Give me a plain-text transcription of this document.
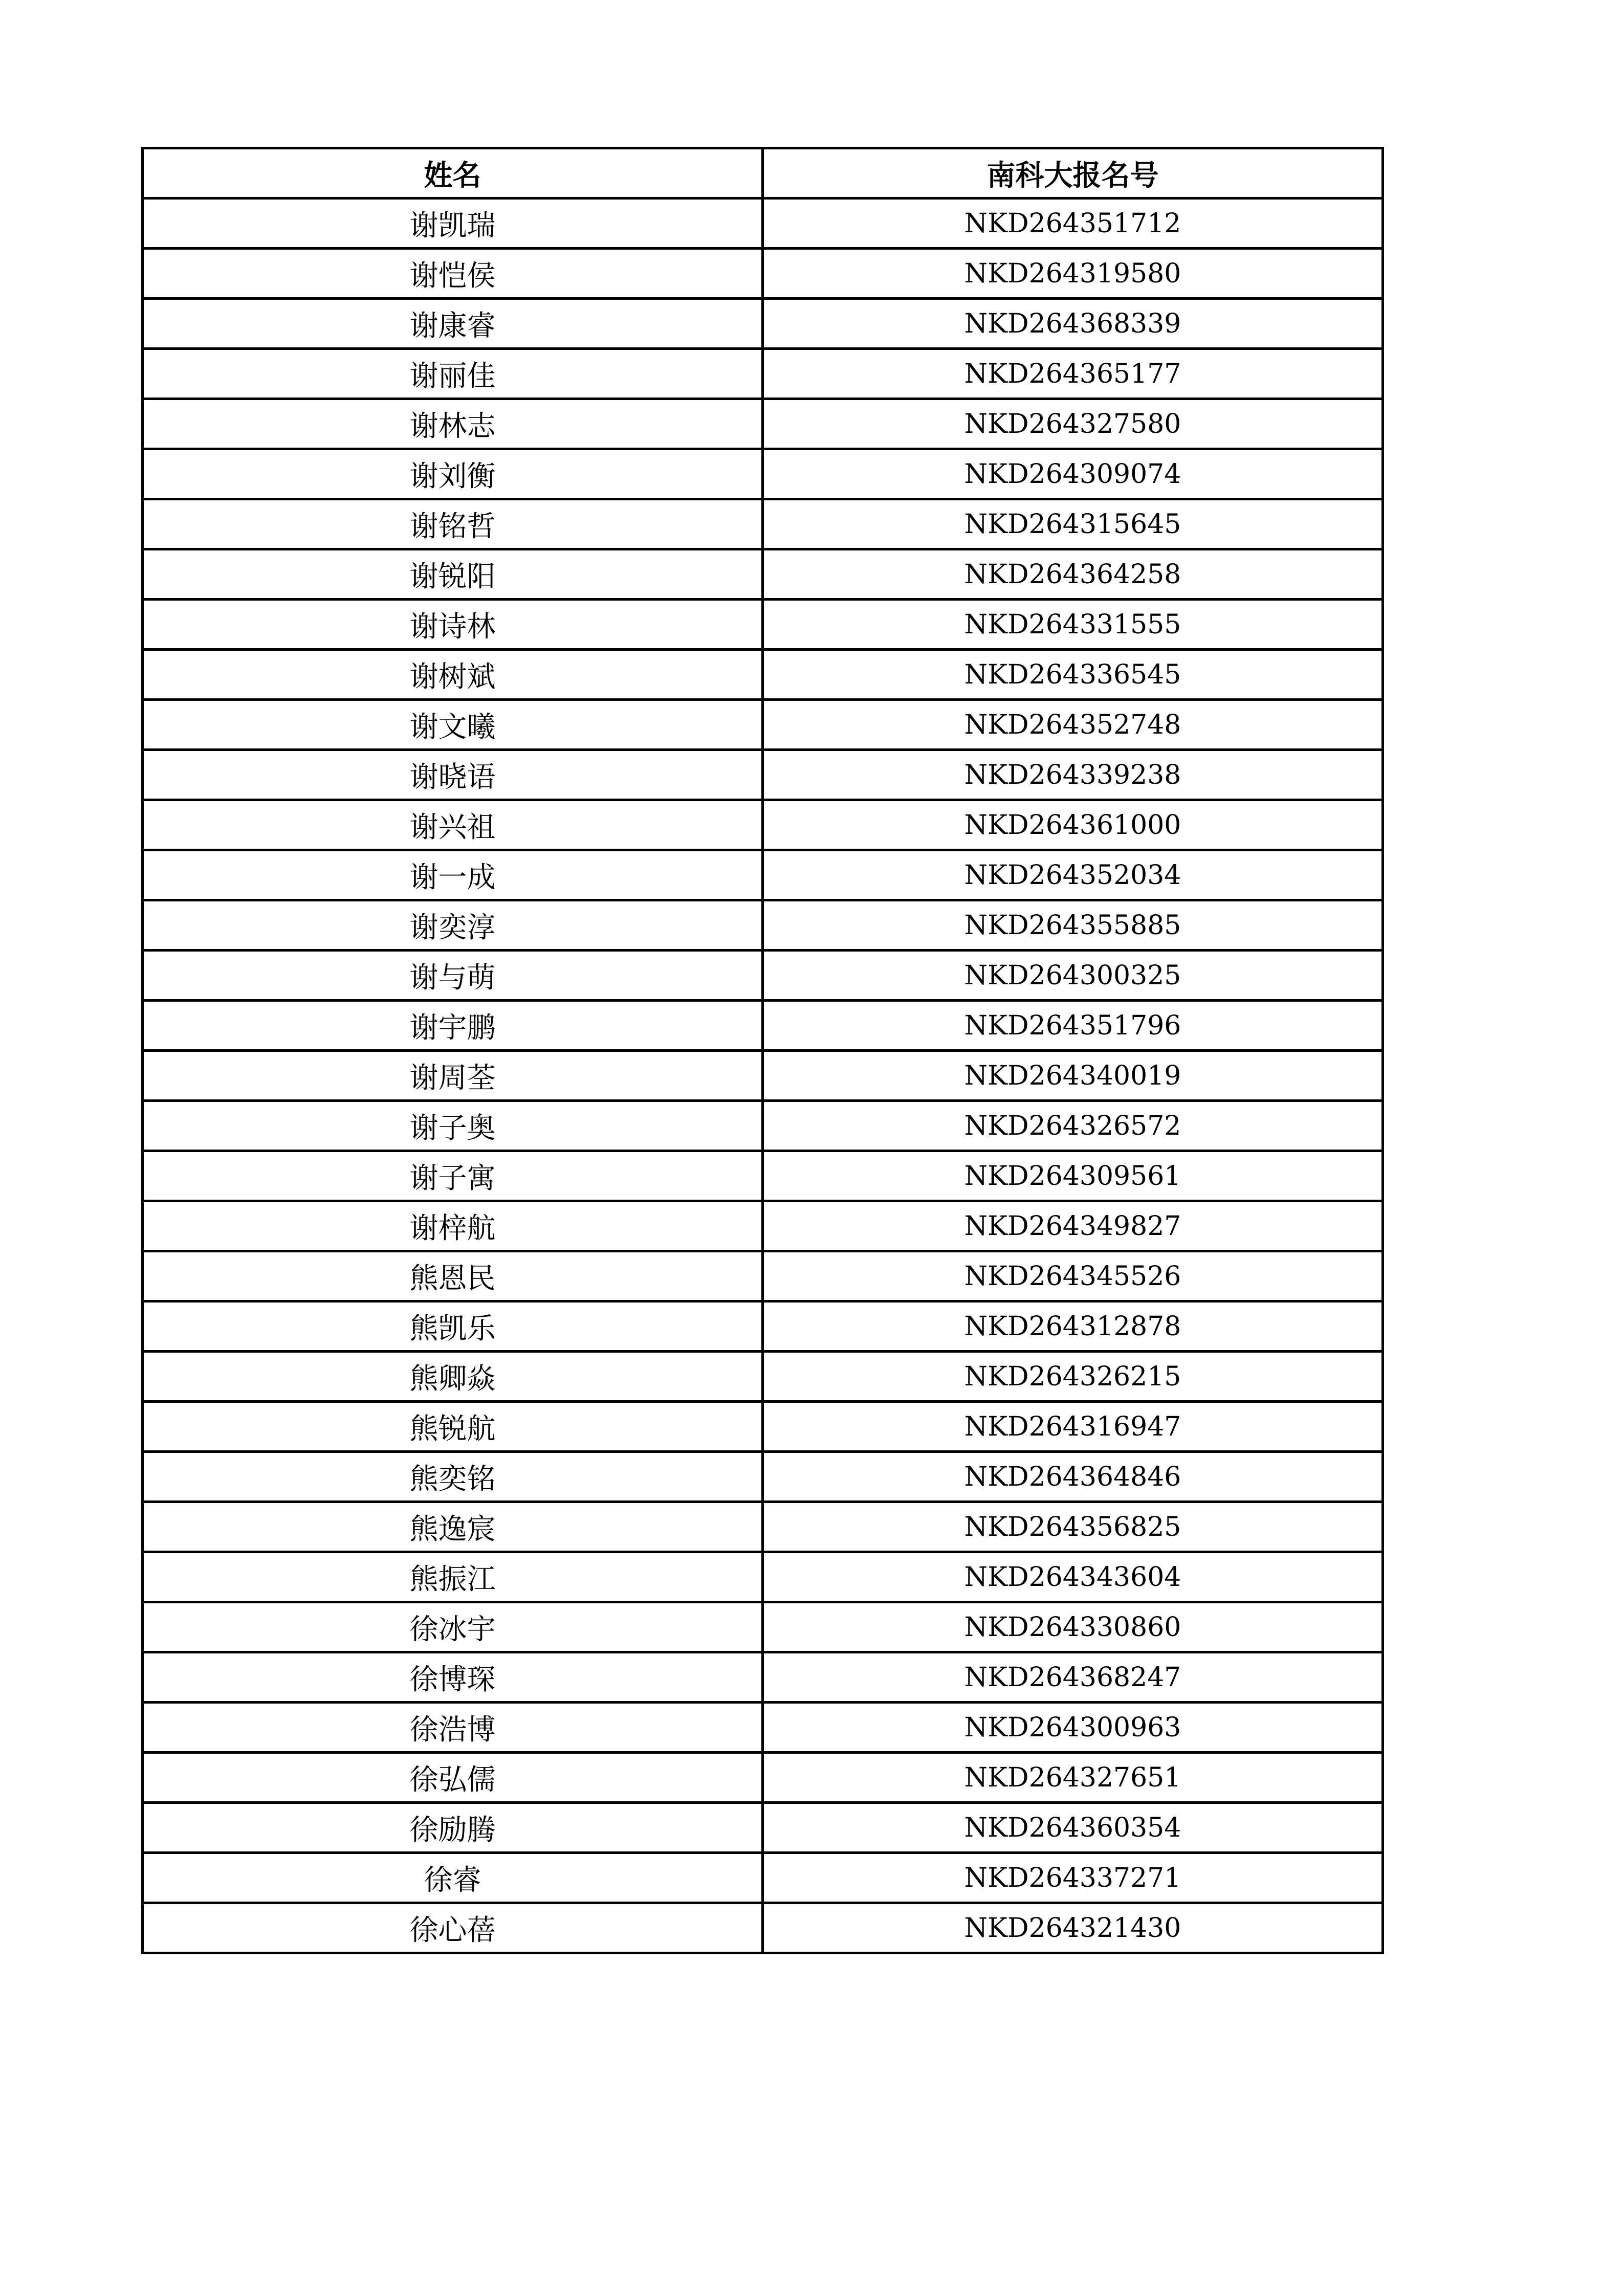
姓名	南科大报名号
谢凯瑞	NKD264351712
谢恺侯	NKD264319580
谢康睿	NKD264368339
谢丽佳	NKD264365177
谢林志	NKD264327580
谢刘衡	NKD264309074
谢铭哲	NKD264315645
谢锐阳	NKD264364258
谢诗林	NKD264331555
谢树斌	NKD264336545
谢文曦	NKD264352748
谢晓语	NKD264339238
谢兴祖	NKD264361000
谢一成	NKD264352034
谢奕淳	NKD264355885
谢与萌	NKD264300325
谢宇鹏	NKD264351796
谢周荃	NKD264340019
谢子奥	NKD264326572
谢子寓	NKD264309561
谢梓航	NKD264349827
熊恩民	NKD264345526
熊凯乐	NKD264312878
熊卿焱	NKD264326215
熊锐航	NKD264316947
熊奕铭	NKD264364846
熊逸宸	NKD264356825
熊振江	NKD264343604
徐冰宇	NKD264330860
徐博琛	NKD264368247
徐浩博	NKD264300963
徐弘儒	NKD264327651
徐励腾	NKD264360354
徐睿	NKD264337271
徐心蓓	NKD264321430
